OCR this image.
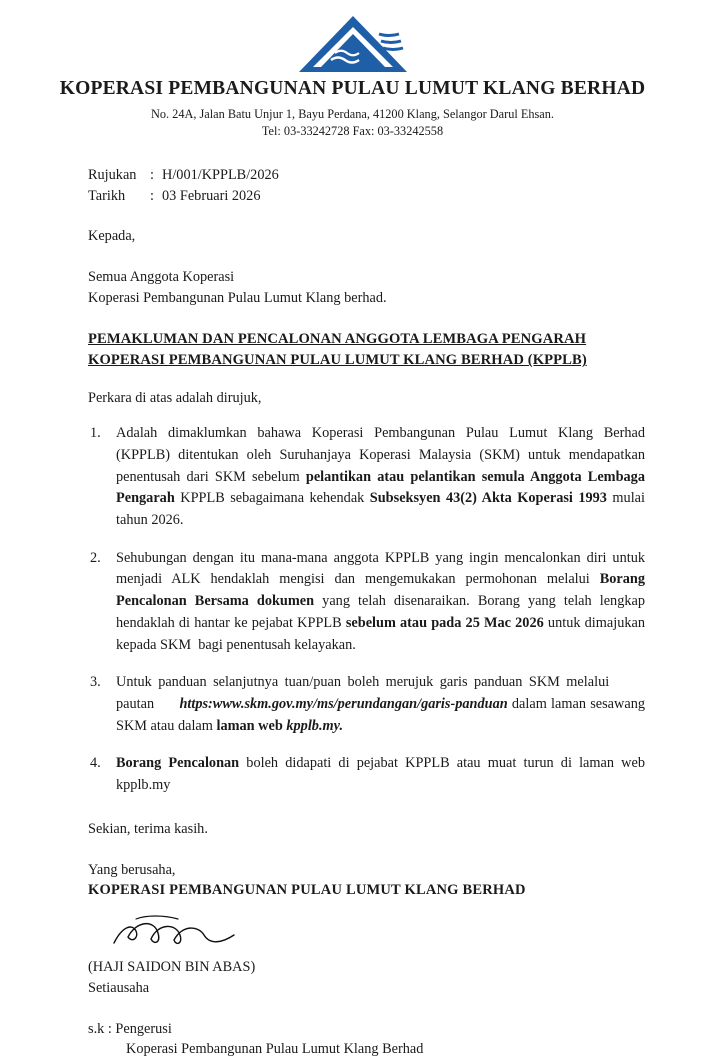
KOPERASI PEMBANGUNAN PULAU LUMUT KLANG BERHAD
No. 24A, Jalan Batu Unjur 1, Bayu Perdana, 41200 Klang, Selangor Darul Ehsan.
Tel: 03-33242728 Fax: 03-33242558
Rujukan : H/001/KPPLB/2026
Tarikh	: 03 Februari 2026
Kepada,
Semua Anggota Koperasi
Koperasi Pembangunan Pulau Lumut Klang berhad.
PEMAKLUMAN DAN PENCALONAN ANGGOTA LEMBAGA PENGARAH
KOPERASI PEMBANGUNAN PULAU LUMUT KLANG BERHAD (KPPLB)
Perkara di atas adalah dirujuk,
1.	Adalah dimaklumkan bahawa Koperasi Pembangunan Pulau Lumut Klang Berhad (KPPLB) ditentukan oleh Suruhanjaya Koperasi Malaysia (SKM) untuk mendapatkan penentusah dari SKM sebelum pelantikan atau pelantikan semula Anggota Lembaga Pengarah KPPLB sebagaimana kehendak Subseksyen 43(2) Akta Koperasi 1993 mulai tahun 2026.
2.	Sehubungan dengan itu mana-mana anggota KPPLB yang ingin mencalonkan diri untuk menjadi ALK hendaklah mengisi dan mengemukakan permohonan melalui Borang Pencalonan Bersama dokumen yang telah disenaraikan. Borang yang telah lengkap hendaklah di hantar ke pejabat KPPLB sebelum atau pada 25 Mac 2026 untuk dimajukan kepada SKM  bagi penentusah kelayakan.
3.	Untuk panduan selanjutnya tuan/puan boleh merujuk garis panduan SKM melalui       pautan      https:www.skm.gov.my/ms/perundangan/garis-panduan dalam laman sesawang SKM atau dalam laman web kpplb.my.
4.	Borang Pencalonan boleh didapati di pejabat KPPLB atau muat turun di laman web kpplb.my
Sekian, terima kasih.
Yang berusaha,
KOPERASI PEMBANGUNAN PULAU LUMUT KLANG BERHAD
(HAJI SAIDON BIN ABAS)
Setiausaha
s.k : Pengerusi
Koperasi Pembangunan Pulau Lumut Klang Berhad
